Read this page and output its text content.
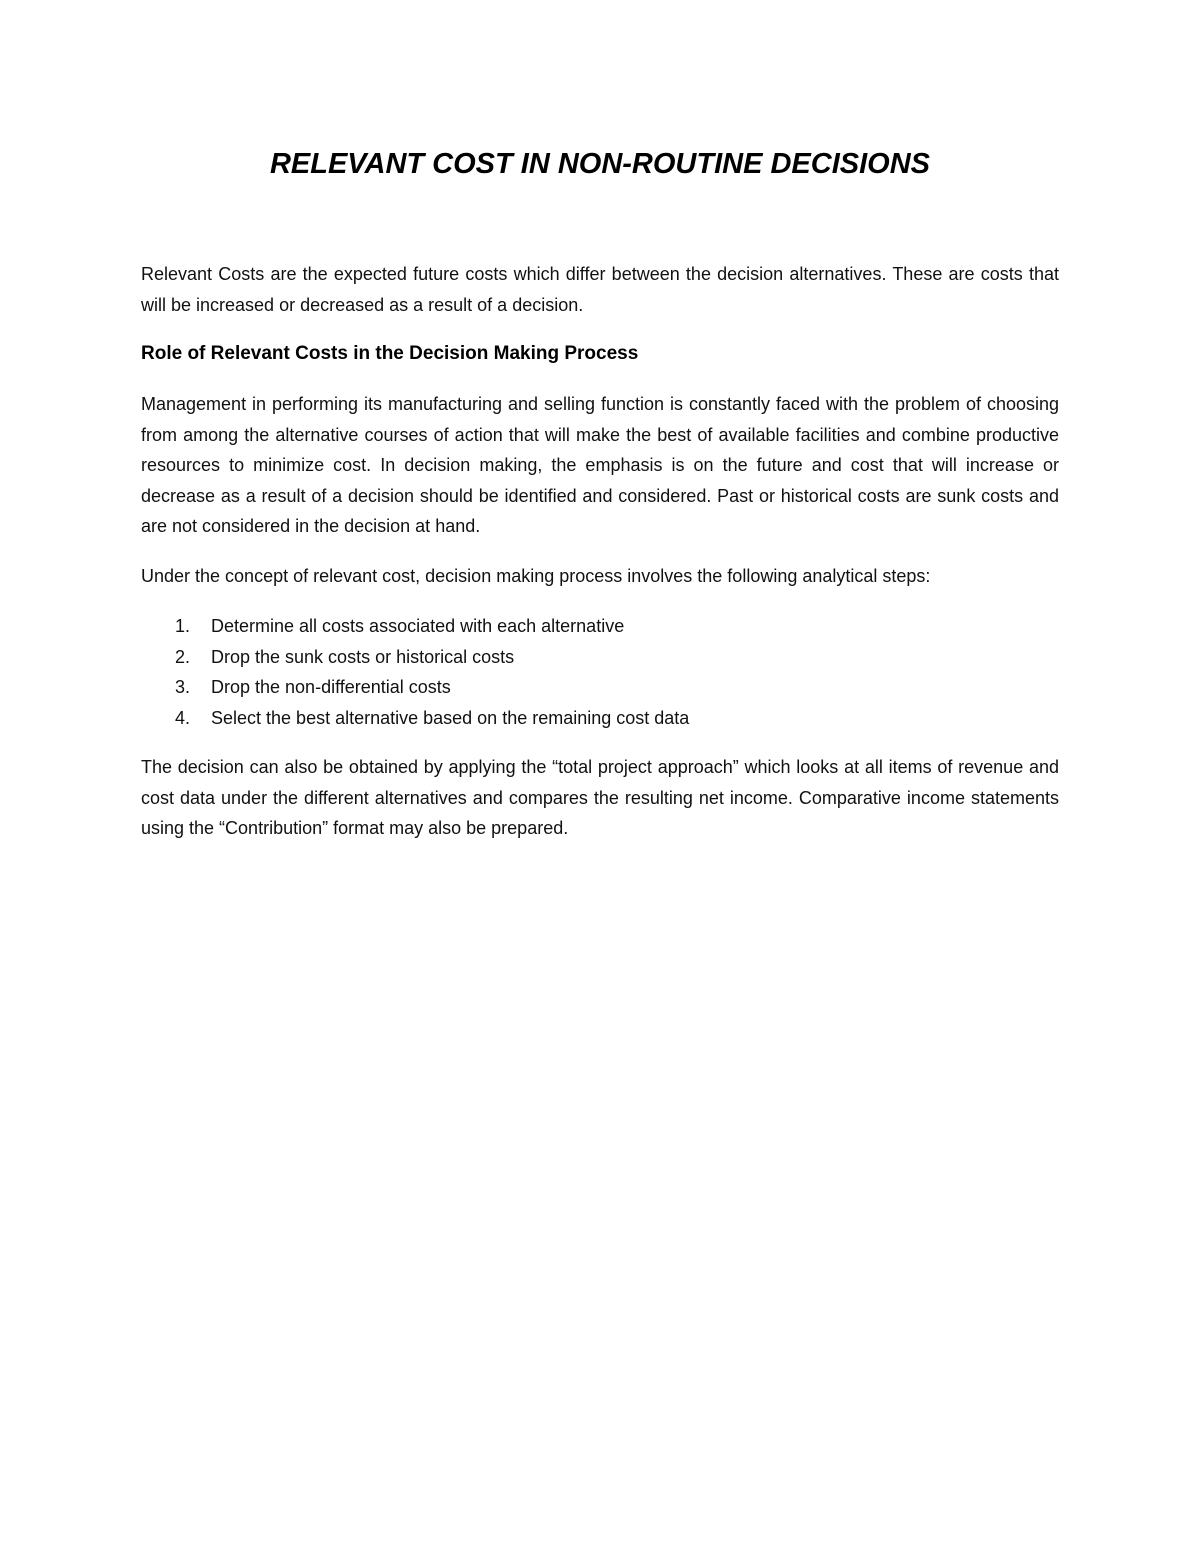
RELEVANT COST IN NON-ROUTINE DECISIONS

Relevant Costs are the expected future costs which differ between the decision alternatives. These are costs that will be increased or decreased as a result of a decision.

Role of Relevant Costs in the Decision Making Process

Management in performing its manufacturing and selling function is constantly faced with the problem of choosing from among the alternative courses of action that will make the best of available facilities and combine productive resources to minimize cost. In decision making, the emphasis is on the future and cost that will increase or decrease as a result of a decision should be identified and considered. Past or historical costs are sunk costs and are not considered in the decision at hand.

Under the concept of relevant cost, decision making process involves the following analytical steps:

1. Determine all costs associated with each alternative
2. Drop the sunk costs or historical costs
3. Drop the non-differential costs
4. Select the best alternative based on the remaining cost data

The decision can also be obtained by applying the “total project approach” which looks at all items of revenue and cost data under the different alternatives and compares the resulting net income. Comparative income statements using the “Contribution” format may also be prepared.
